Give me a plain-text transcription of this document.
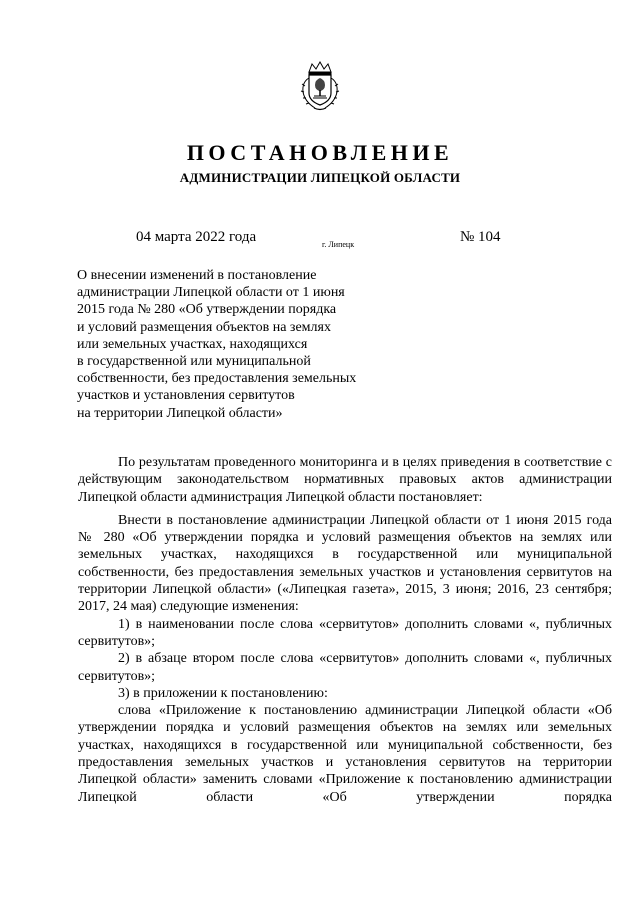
ПОСТАНОВЛЕНИЕ
АДМИНИСТРАЦИИ ЛИПЕЦКОЙ ОБЛАСТИ
04 марта 2022 года	г. Липецк	№ 104
О внесении изменений в постановление
администрации Липецкой области от 1 июня
2015 года № 280 «Об утверждении порядка
и условий размещения объектов на землях
или земельных участках, находящихся
в государственной или муниципальной
собственности, без предоставления земельных
участков и установления сервитутов
на территории Липецкой области»

По результатам проведенного мониторинга и в целях приведения в соответствие с действующим законодательством нормативных правовых актов администрации Липецкой области администрация Липецкой области постановляет:

Внести в постановление администрации Липецкой области от 1 июня 2015 года № 280 «Об утверждении порядка и условий размещения объектов на землях или земельных участках, находящихся в государственной или муниципальной собственности, без предоставления земельных участков и установления сервитутов на территории Липецкой области» («Липецкая газета», 2015, 3 июня; 2016, 23 сентября; 2017, 24 мая) следующие изменения:

1) в наименовании после слова «сервитутов» дополнить словами «, публичных сервитутов»;

2) в абзаце втором после слова «сервитутов» дополнить словами «, публичных сервитутов»;

3) в приложении к постановлению:

слова «Приложение к постановлению администрации Липецкой области «Об утверждении порядка и условий размещения объектов на землях или земельных участках, находящихся в государственной или муниципальной собственности, без предоставления земельных участков и установления сервитутов на территории Липецкой области» заменить словами «Приложение к постановлению администрации Липецкой области «Об утверждении порядка
